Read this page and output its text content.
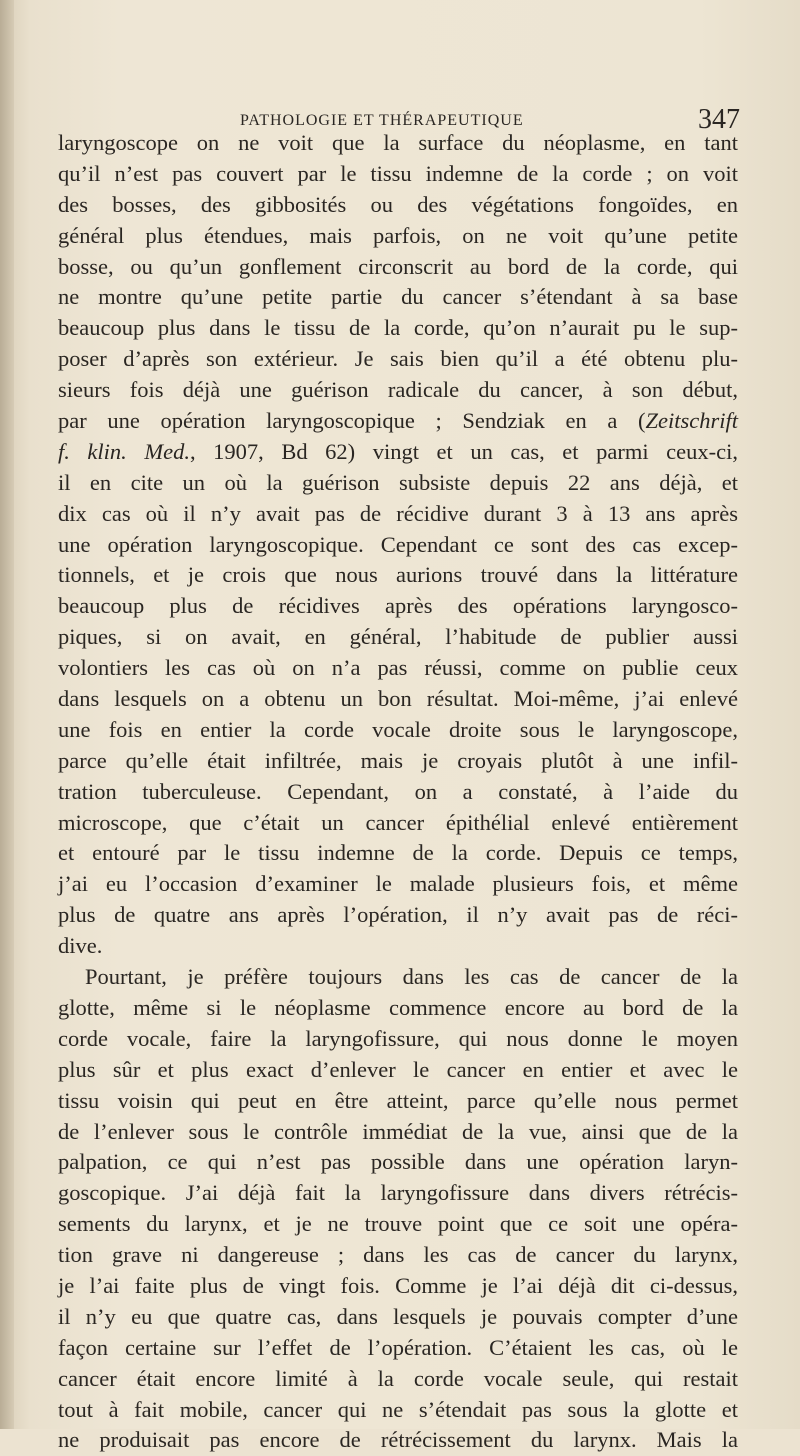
PATHOLOGIE ET THÉRAPEUTIQUE	347
laryngoscope on ne voit que la surface du néoplasme, en tant
qu’il n’est pas couvert par le tissu indemne de la corde ; on voit
des bosses, des gibbosités ou des végétations fongoïdes, en
général plus étendues, mais parfois, on ne voit qu’une petite
bosse, ou qu’un gonflement circonscrit au bord de la corde, qui
ne montre qu’une petite partie du cancer s’étendant à sa base
beaucoup plus dans le tissu de la corde, qu’on n’aurait pu le sup-
poser d’après son extérieur. Je sais bien qu’il a été obtenu plu-
sieurs fois déjà une guérison radicale du cancer, à son début,
par une opération laryngoscopique ; Sendziak en a (Zeitschrift
f. klin. Med., 1907, Bd 62) vingt et un cas, et parmi ceux-ci,
il en cite un où la guérison subsiste depuis 22 ans déjà, et
dix cas où il n’y avait pas de récidive durant 3 à 13 ans après
une opération laryngoscopique. Cependant ce sont des cas excep-
tionnels, et je crois que nous aurions trouvé dans la littérature
beaucoup plus de récidives après des opérations laryngosco-
piques, si on avait, en général, l’habitude de publier aussi
volontiers les cas où on n’a pas réussi, comme on publie ceux
dans lesquels on a obtenu un bon résultat. Moi-même, j’ai enlevé
une fois en entier la corde vocale droite sous le laryngoscope,
parce qu’elle était infiltrée, mais je croyais plutôt à une infil-
tration tuberculeuse. Cependant, on a constaté, à l’aide du
microscope, que c’était un cancer épithélial enlevé entièrement
et entouré par le tissu indemne de la corde. Depuis ce temps,
j’ai eu l’occasion d’examiner le malade plusieurs fois, et même
plus de quatre ans après l’opération, il n’y avait pas de réci-
dive.
Pourtant, je préfère toujours dans les cas de cancer de la
glotte, même si le néoplasme commence encore au bord de la
corde vocale, faire la laryngofissure, qui nous donne le moyen
plus sûr et plus exact d’enlever le cancer en entier et avec le
tissu voisin qui peut en être atteint, parce qu’elle nous permet
de l’enlever sous le contrôle immédiat de la vue, ainsi que de la
palpation, ce qui n’est pas possible dans une opération laryn-
goscopique. J’ai déjà fait la laryngofissure dans divers rétrécis-
sements du larynx, et je ne trouve point que ce soit une opéra-
tion grave ni dangereuse ; dans les cas de cancer du larynx,
je l’ai faite plus de vingt fois. Comme je l’ai déjà dit ci-dessus,
il n’y eu que quatre cas, dans lesquels je pouvais compter d’une
façon certaine sur l’effet de l’opération. C’étaient les cas, où le
cancer était encore limité à la corde vocale seule, qui restait
tout à fait mobile, cancer qui ne s’étendait pas sous la glotte et
ne produisait pas encore de rétrécissement du larynx. Mais la
